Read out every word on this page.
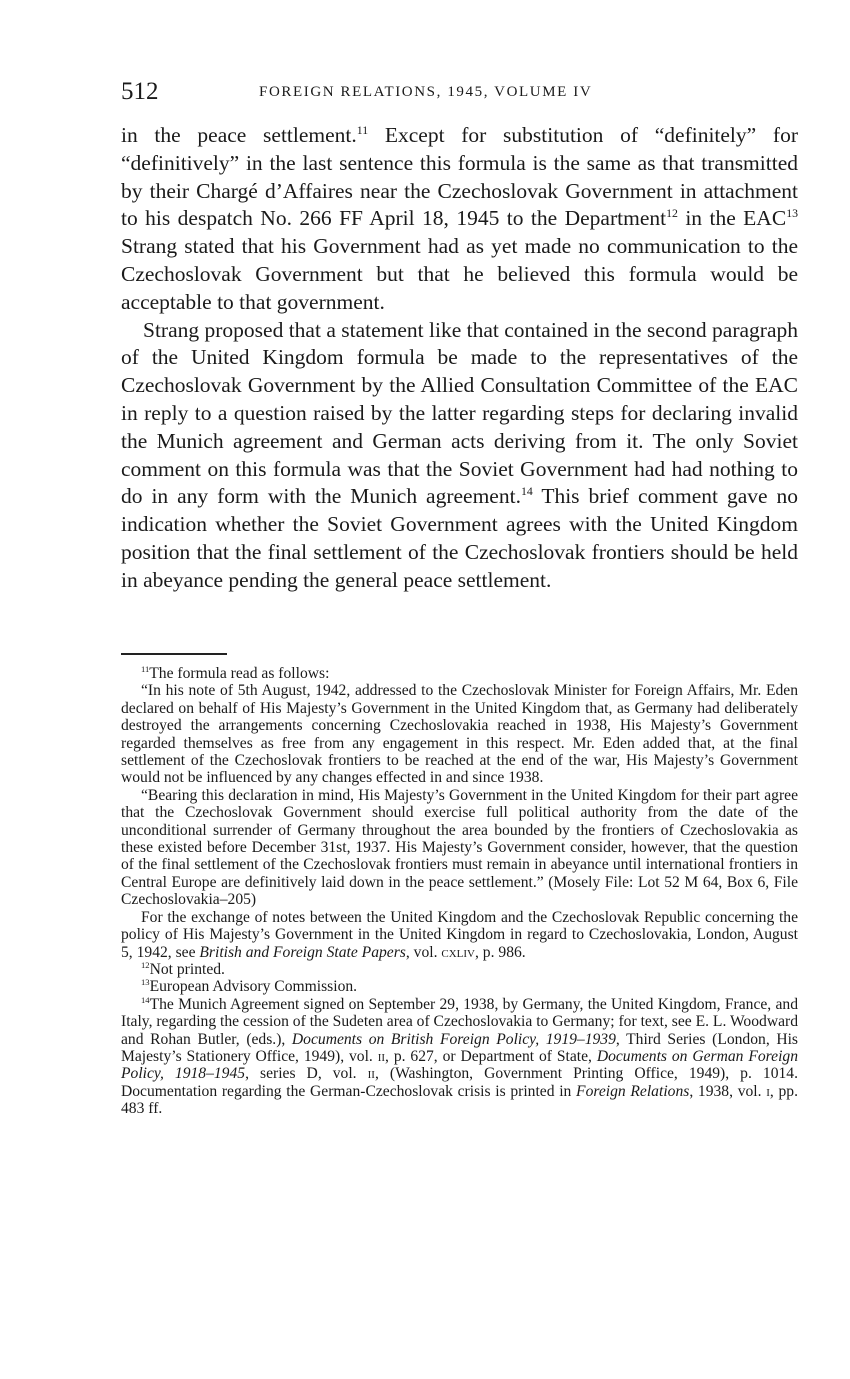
512	FOREIGN RELATIONS, 1945, VOLUME IV

in the peace settlement.$^{11}$ Except for substitution of “definitely” for “definitively” in the last sentence this formula is the same as that transmitted by their Chargé d’Affaires near the Czechoslovak Government in attachment to his despatch No. 266 FF April 18, 1945 to the Department$^{12}$ in the EAC$^{13}$ Strang stated that his Government had as yet made no communication to the Czechoslovak Government but that he believed this formula would be acceptable to that government.

Strang proposed that a statement like that contained in the second paragraph of the United Kingdom formula be made to the representatives of the Czechoslovak Government by the Allied Consultation Committee of the EAC in reply to a question raised by the latter regarding steps for declaring invalid the Munich agreement and German acts deriving from it. The only Soviet comment on this formula was that the Soviet Government had had nothing to do in any form with the Munich agreement.$^{14}$ This brief comment gave no indication whether the Soviet Government agrees with the United Kingdom position that the final settlement of the Czechoslovak frontiers should be held in abeyance pending the general peace settlement.

$^{11}$The formula read as follows:

“In his note of 5th August, 1942, addressed to the Czechoslovak Minister for Foreign Affairs, Mr. Eden declared on behalf of His Majesty’s Government in the United Kingdom that, as Germany had deliberately destroyed the arrangements concerning Czechoslovakia reached in 1938, His Majesty’s Government regarded themselves as free from any engagement in this respect. Mr. Eden added that, at the final settlement of the Czechoslovak frontiers to be reached at the end of the war, His Majesty’s Government would not be influenced by any changes effected in and since 1938.

“Bearing this declaration in mind, His Majesty’s Government in the United Kingdom for their part agree that the Czechoslovak Government should exercise full political authority from the date of the unconditional surrender of Germany throughout the area bounded by the frontiers of Czechoslovakia as these existed before December 31st, 1937. His Majesty’s Government consider, however, that the question of the final settlement of the Czechoslovak frontiers must remain in abeyance until international frontiers in Central Europe are definitively laid down in the peace settlement.” (Mosely File: Lot 52 M 64, Box 6, File Czechoslovakia–205)

For the exchange of notes between the United Kingdom and the Czechoslovak Republic concerning the policy of His Majesty’s Government in the United Kingdom in regard to Czechoslovakia, London, August 5, 1942, see British and Foreign State Papers, vol. cxliv, p. 986.

$^{12}$Not printed.

$^{13}$European Advisory Commission.

$^{14}$The Munich Agreement signed on September 29, 1938, by Germany, the United Kingdom, France, and Italy, regarding the cession of the Sudeten area of Czechoslovakia to Germany; for text, see E. L. Woodward and Rohan Butler, (eds.), Documents on British Foreign Policy, 1919–1939, Third Series (London, His Majesty’s Stationery Office, 1949), vol. ii, p. 627, or Department of State, Documents on German Foreign Policy, 1918–1945, series D, vol. ii, (Washington, Government Printing Office, 1949), p. 1014. Documentation regarding the German-Czechoslovak crisis is printed in Foreign Relations, 1938, vol. i, pp. 483 ff.
